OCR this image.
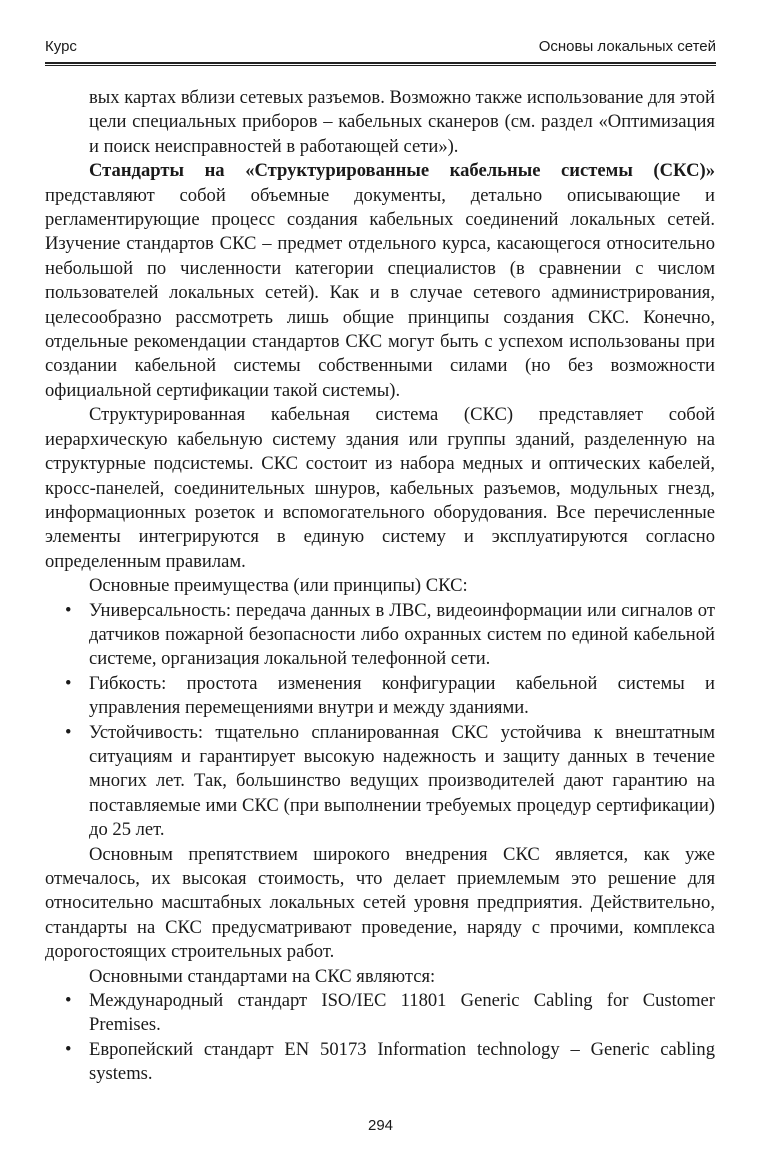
Курс	Основы локальных сетей

вых картах вблизи сетевых разъемов. Возможно также использование для этой цели специальных приборов – кабельных сканеров (см. раздел «Оптимизация и поиск неисправностей в работающей сети»).

Стандарты на «Структурированные кабельные системы (СКС)» представляют собой объемные документы, детально описывающие и регламентирующие процесс создания кабельных соединений локальных сетей. Изучение стандартов СКС – предмет отдельного курса, касающегося относительно небольшой по численности категории специалистов (в сравнении с числом пользователей локальных сетей). Как и в случае сетевого администрирования, целесообразно рассмотреть лишь общие принципы создания СКС. Конечно, отдельные рекомендации стандартов СКС могут быть с успехом использованы при создании кабельной системы собственными силами (но без возможности официальной сертификации такой системы).

Структурированная кабельная система (СКС) представляет собой иерархическую кабельную систему здания или группы зданий, разделенную на структурные подсистемы. СКС состоит из набора медных и оптических кабелей, кросс-панелей, соединительных шнуров, кабельных разъемов, модульных гнезд, информационных розеток и вспомогательного оборудования. Все перечисленные элементы интегрируются в единую систему и эксплуатируются согласно определенным правилам.

Основные преимущества (или принципы) СКС:

• Универсальность: передача данных в ЛВС, видеоинформации или сигналов от датчиков пожарной безопасности либо охранных систем по единой кабельной системе, организация локальной телефонной сети.
• Гибкость: простота изменения конфигурации кабельной системы и управления перемещениями внутри и между зданиями.
• Устойчивость: тщательно спланированная СКС устойчива к внештатным ситуациям и гарантирует высокую надежность и защиту данных в течение многих лет. Так, большинство ведущих производителей дают гарантию на поставляемые ими СКС (при выполнении требуемых процедур сертификации) до 25 лет.

Основным препятствием широкого внедрения СКС является, как уже отмечалось, их высокая стоимость, что делает приемлемым это решение для относительно масштабных локальных сетей уровня предприятия. Действительно, стандарты на СКС предусматривают проведение, наряду с прочими, комплекса дорогостоящих строительных работ.

Основными стандартами на СКС являются:

• Международный стандарт ISO/IEC 11801 Generic Cabling for Customer Premises.
• Европейский стандарт EN 50173 Information technology – Generic cabling systems.
294
